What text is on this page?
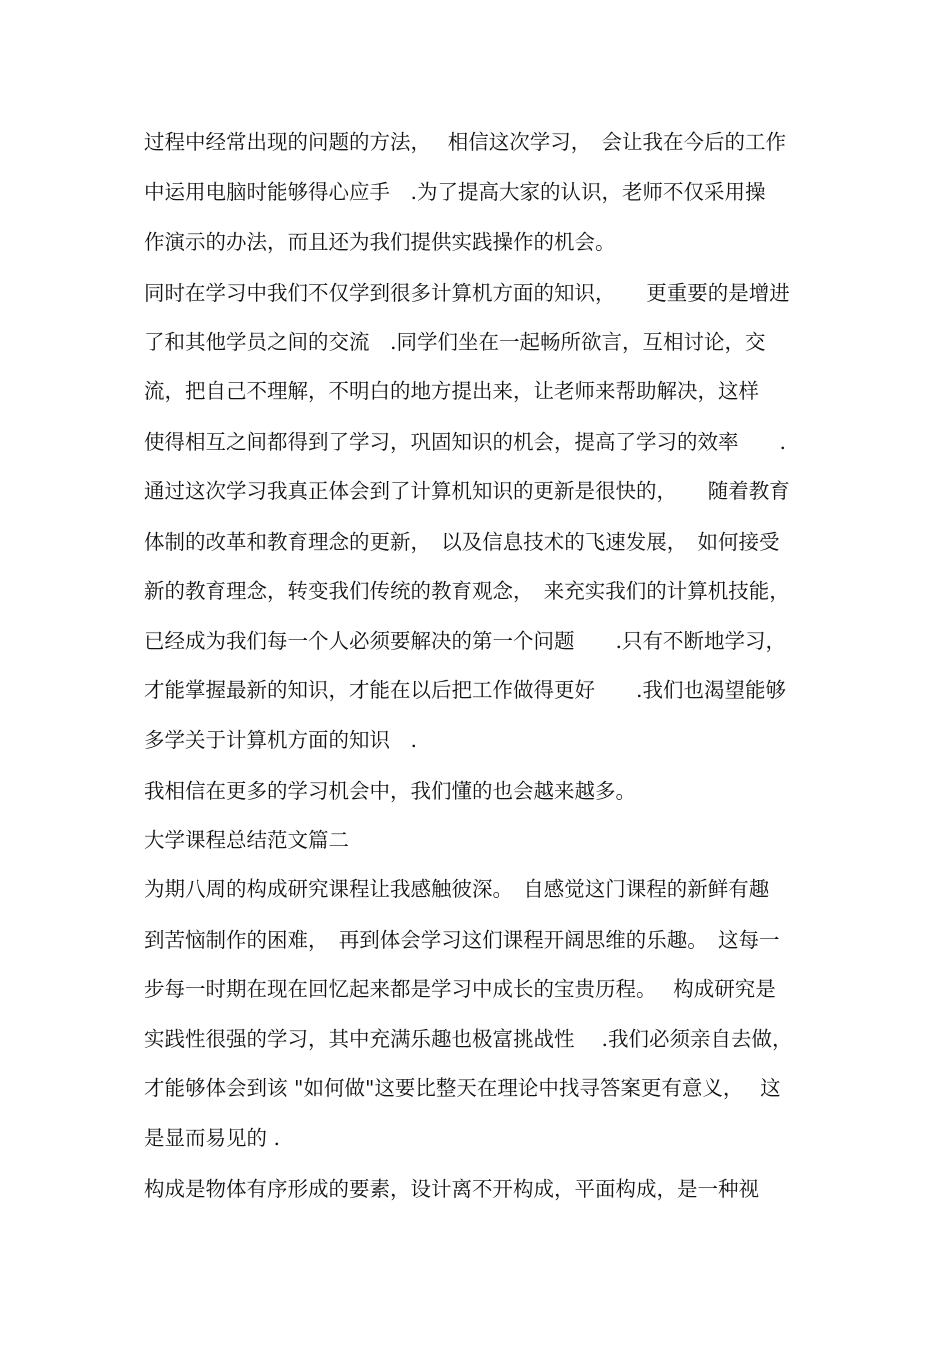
过程中经常出现的问题的方法，　 相信这次学习，　会让我在今后的工作
中运用电脑时能够得心应手　.为了提高大家的认识，老师不仅采用操
作演示的办法，而且还为我们提供实践操作的机会。
同时在学习中我们不仅学到很多计算机方面的知识，　　更重要的是增进
了和其他学员之间的交流　.同学们坐在一起畅所欲言，互相讨论，交
流，把自己不理解，不明白的地方提出来，让老师来帮助解决，这样
使得相互之间都得到了学习，巩固知识的机会，提高了学习的效率　　.
通过这次学习我真正体会到了计算机知识的更新是很快的，　　随着教育
体制的改革和教育理念的更新，　以及信息技术的飞速发展，　如何接受
新的教育理念，转变我们传统的教育观念，　来充实我们的计算机技能，
已经成为我们每一个人必须要解决的第一个问题　　.只有不断地学习，
才能掌握最新的知识，才能在以后把工作做得更好　　.我们也渴望能够
多学关于计算机方面的知识　.
我相信在更多的学习机会中，我们懂的也会越来越多。
大学课程总结范文篇二
为期八周的构成研究课程让我感触彼深。　自感觉这门课程的新鲜有趣
到苦恼制作的困难，　再到体会学习这们课程开阔思维的乐趣。　这每一
步每一时期在现在回忆起来都是学习中成长的宝贵历程。　 构成研究是
实践性很强的学习，其中充满乐趣也极富挑战性　 .我们必须亲自去做，
才能够体会到该 "如何做"这要比整天在理论中找寻答案更有意义，　 这
是显而易见的 .
构成是物体有序形成的要素，设计离不开构成，平面构成，是一种视
